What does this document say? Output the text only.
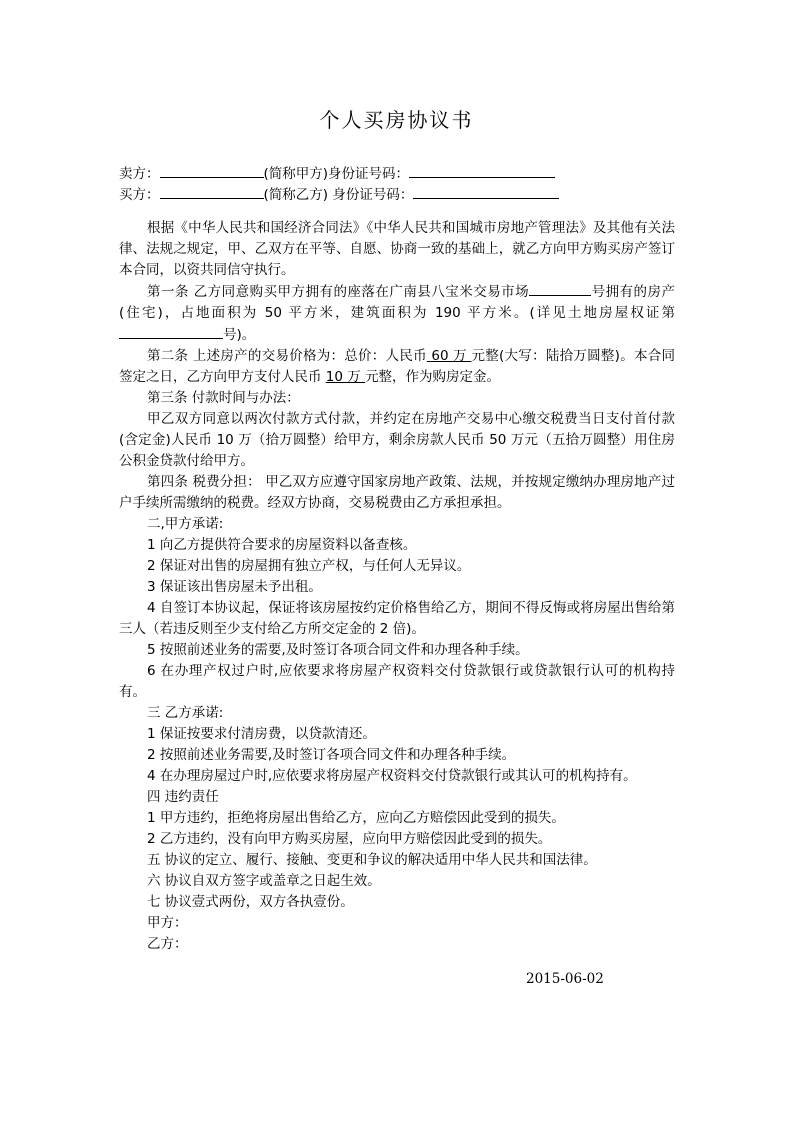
个人买房协议书
卖方：	(简称甲方)身份证号码：
买方：	(简称乙方) 身份证号码：

根据《中华人民共和国经济合同法》《中华人民共和国城市房地产管理法》及其他有关法律、法规之规定，甲、乙双方在平等、自愿、协商一致的基础上，就乙方向甲方购买房产签订本合同，以资共同信守执行。

第一条 乙方同意购买甲方拥有的座落在广南县八宝米交易市场	号拥有的房产(住宅)，占地面积为 50 平方米，建筑面积为 190 平方米。(详见土地房屋权证第号)。

第二条 上述房产的交易价格为：总价：人民币 60 万 元整(大写：陆拾万圆整)。本合同签定之日，乙方向甲方支付人民币 10 万 元整，作为购房定金。

第三条 付款时间与办法：

甲乙双方同意以两次付款方式付款，并约定在房地产交易中心缴交税费当日支付首付款(含定金)人民币 10 万（拾万圆整）给甲方，剩余房款人民币 50 万元（五拾万圆整）用住房公积金贷款付给甲方。

第四条 税费分担： 甲乙双方应遵守国家房地产政策、法规，并按规定缴纳办理房地产过户手续所需缴纳的税费。经双方协商，交易税费由乙方承担承担。

二,甲方承诺:

1 向乙方提供符合要求的房屋资料以备查核。

2 保证对出售的房屋拥有独立产权，与任何人无异议。

3 保证该出售房屋未予出租。

4 自签订本协议起，保证将该房屋按约定价格售给乙方，期间不得反悔或将房屋出售给第三人（若违反则至少支付给乙方所交定金的 2 倍)。

5 按照前述业务的需要,及时签订各项合同文件和办理各种手续。

6 在办理产权过户时,应依要求将房屋产权资料交付贷款银行或贷款银行认可的机构持有。

三 乙方承诺:

1 保证按要求付清房费，以贷款清还。

2 按照前述业务需要,及时签订各项合同文件和办理各种手续。

4 在办理房屋过户时,应依要求将房屋产权资料交付贷款银行或其认可的机构持有。

四 违约责任

1 甲方违约，拒绝将房屋出售给乙方，应向乙方赔偿因此受到的损失。

2 乙方违约，没有向甲方购买房屋，应向甲方赔偿因此受到的损失。

五 协议的定立、履行、接触、变更和争议的解决适用中华人民共和国法律。

六 协议自双方签字或盖章之日起生效。

七 协议壹式两份，双方各执壹份。

甲方：

乙方：

2015-06-02
